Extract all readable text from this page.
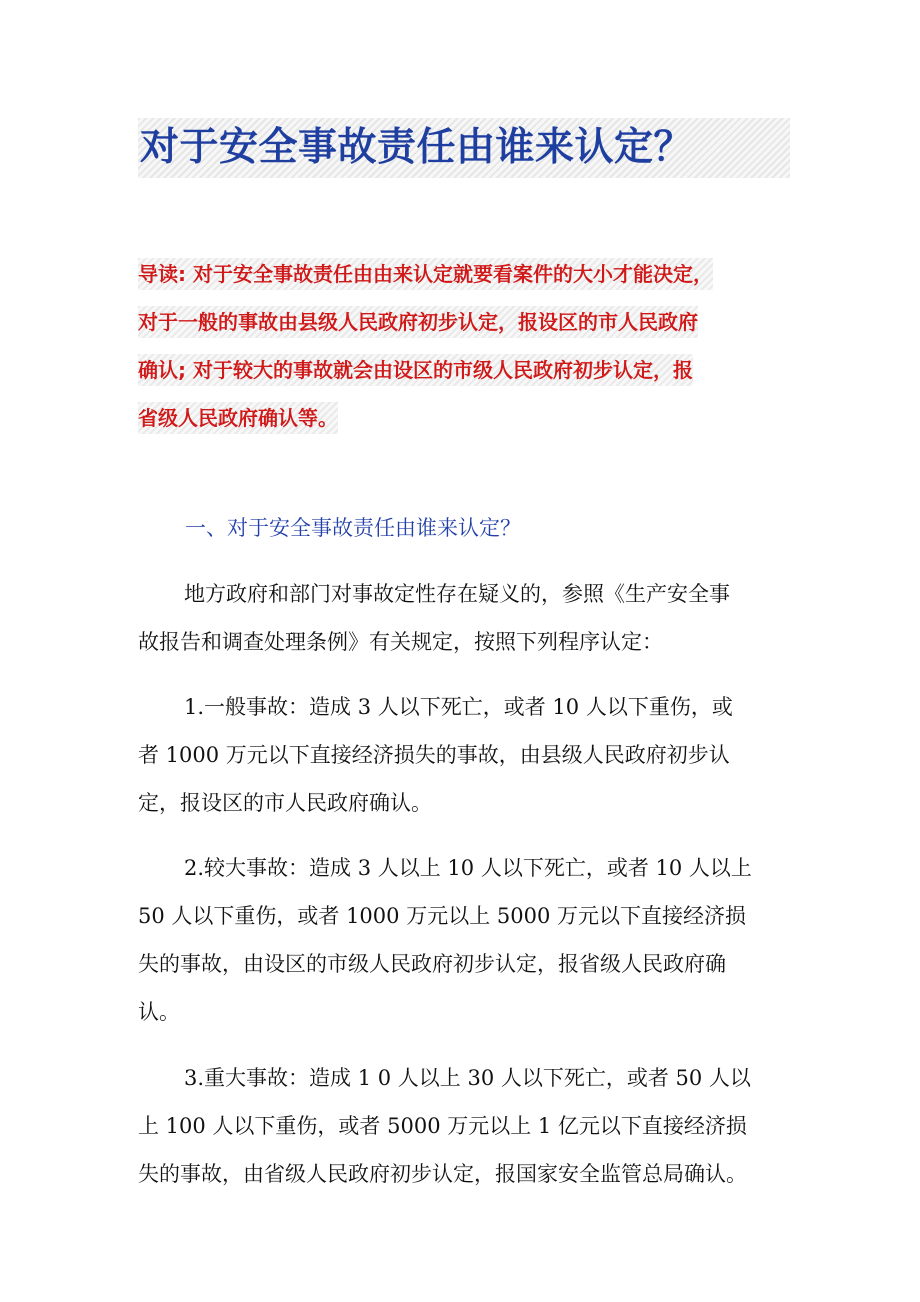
对于安全事故责任由谁来认定？
导读: 对于安全事故责任由由来认定就要看案件的大小才能决定，
对于一般的事故由县级人民政府初步认定，报设区的市人民政府
确认; 对于较大的事故就会由设区的市级人民政府初步认定，报
省级人民政府确认等。
一、对于安全事故责任由谁来认定？
地方政府和部门对事故定性存在疑义的，参照《生产安全事
故报告和调查处理条例》有关规定，按照下列程序认定：
1.一般事故：造成 3 人以下死亡，或者 10 人以下重伤，或
者 1000 万元以下直接经济损失的事故，由县级人民政府初步认
定，报设区的市人民政府确认。
2.较大事故：造成 3 人以上 10 人以下死亡，或者 10 人以上
50 人以下重伤，或者 1000 万元以上 5000 万元以下直接经济损
失的事故，由设区的市级人民政府初步认定，报省级人民政府确
认。
3.重大事故：造成 1 0 人以上 30 人以下死亡，或者 50 人以
上 100 人以下重伤，或者 5000 万元以上 1 亿元以下直接经济损
失的事故，由省级人民政府初步认定，报国家安全监管总局确认。
